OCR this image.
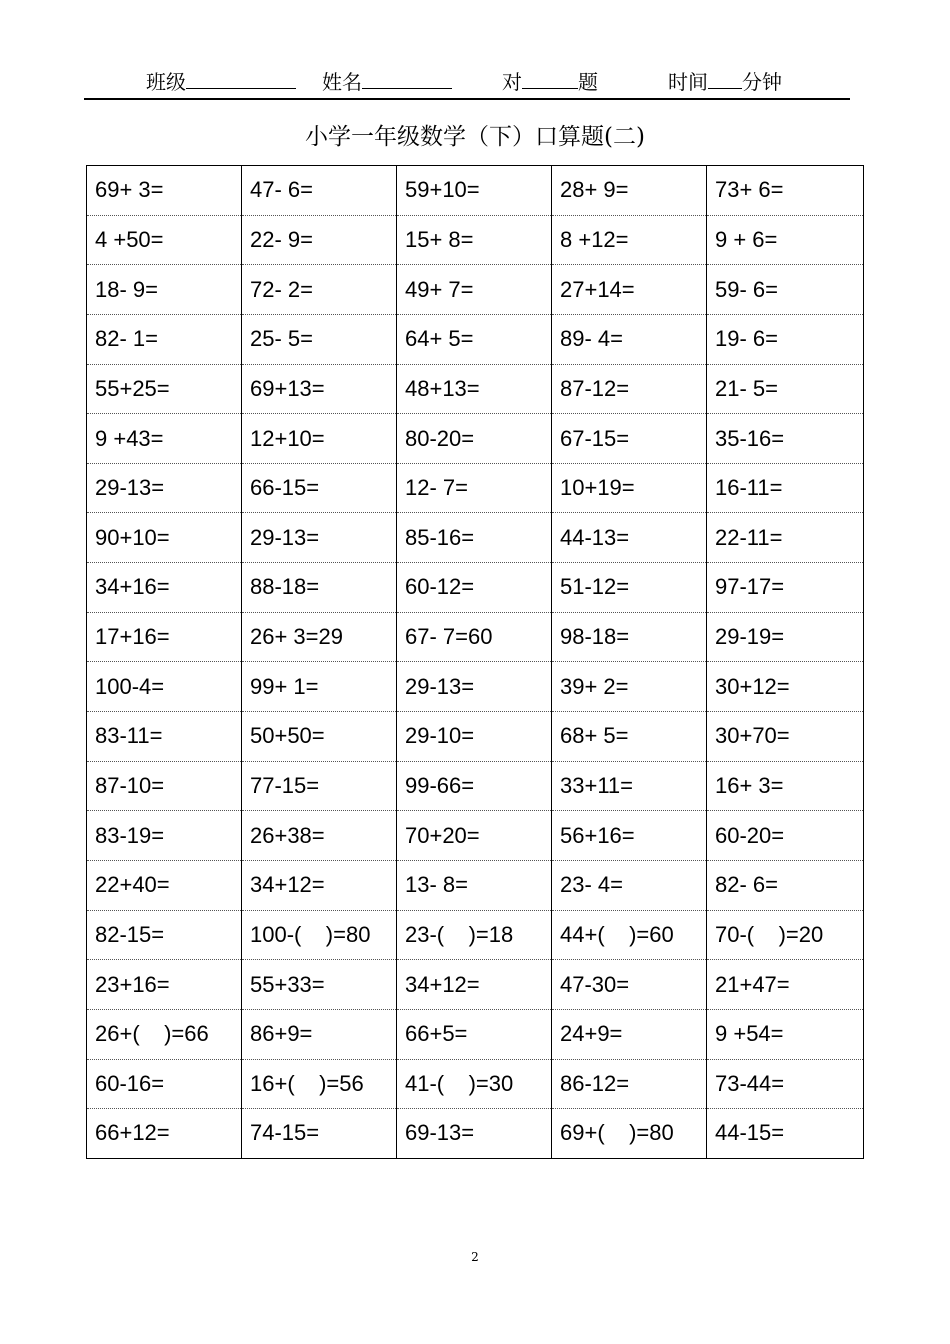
班级	姓名	对	题	时间 分钟
小学一年级数学（下）口算题(二)
69+ 3=	47- 6=	59+10=	28+ 9=	73+ 6=
4 +50=	22- 9=	15+ 8=	8 +12=	9 + 6=
18- 9=	72- 2=	49+ 7=	27+14=	59- 6=
82- 1=	25- 5=	64+ 5=	89- 4=	19- 6=
55+25=	69+13=	48+13=	87-12=	21- 5=
9 +43=	12+10=	80-20=	67-15=	35-16=
29-13=	66-15=	12- 7=	10+19=	16-11=
90+10=	29-13=	85-16=	44-13=	22-11=
34+16=	88-18=	60-12=	51-12=	97-17=
17+16=	26+ 3=29	67- 7=60	98-18=	29-19=
100-4=	99+ 1=	29-13=	39+ 2=	30+12=
83-11=	50+50=	29-10=	68+ 5=	30+70=
87-10=	77-15=	99-66=	33+11=	16+ 3=
83-19=	26+38=	70+20=	56+16=	60-20=
22+40=	34+12=	13- 8=	23- 4=	82- 6=
82-15=	100-(    )=80	23-(    )=18	44+(    )=60	70-(    )=20
23+16=	55+33=	34+12=	47-30=	21+47=
26+(    )=66	86+9=	66+5=	24+9=	9 +54=
60-16=	16+(    )=56	41-(    )=30	86-12=	73-44=
66+12=	74-15=	69-13=	69+(    )=80	44-15=
2
